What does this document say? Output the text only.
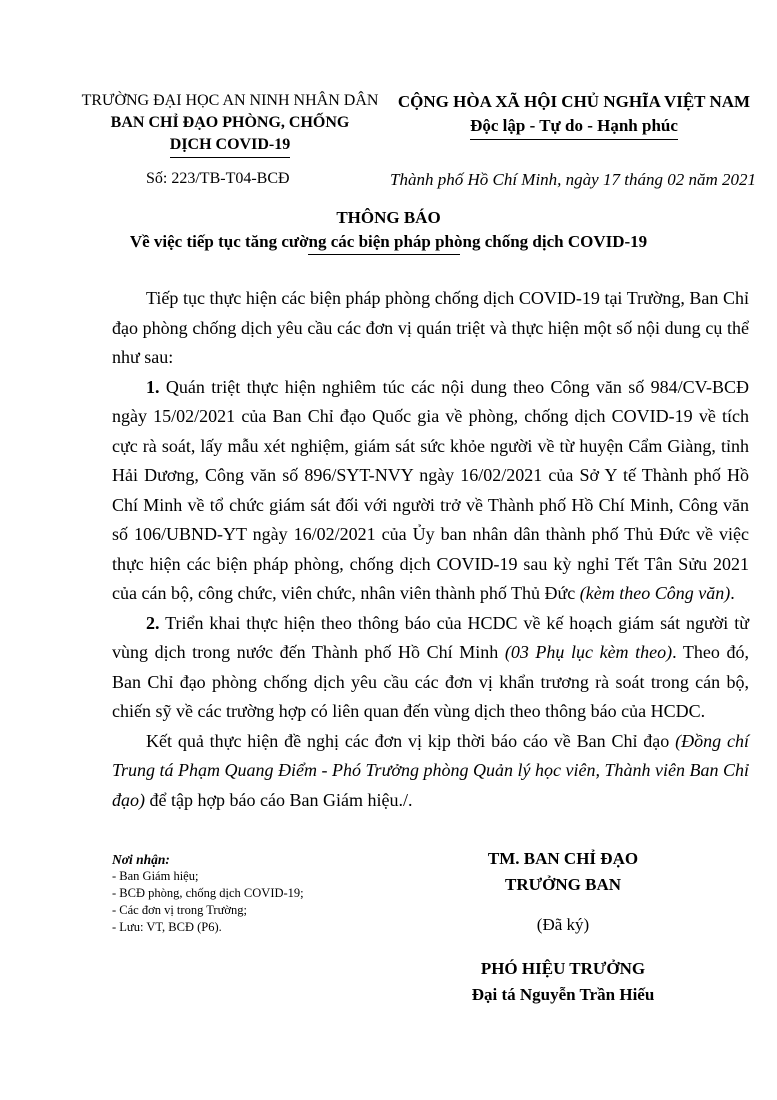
TRƯỜNG ĐẠI HỌC AN NINH NHÂN DÂN
BAN CHỈ ĐẠO PHÒNG, CHỐNG
DỊCH COVID-19
CỘNG HÒA XÃ HỘI CHỦ NGHĨA VIỆT NAM
Độc lập - Tự do - Hạnh phúc
Số: 223/TB-T04-BCĐ	Thành phố Hồ Chí Minh, ngày 17 tháng 02 năm 2021
THÔNG BÁO
Về việc tiếp tục tăng cường các biện pháp phòng chống dịch COVID-19

Tiếp tục thực hiện các biện pháp phòng chống dịch COVID-19 tại Trường, Ban Chỉ đạo phòng chống dịch yêu cầu các đơn vị quán triệt và thực hiện một số nội dung cụ thể như sau:

1. Quán triệt thực hiện nghiêm túc các nội dung theo Công văn số 984/CV-BCĐ ngày 15/02/2021 của Ban Chỉ đạo Quốc gia về phòng, chống dịch COVID-19 về tích cực rà soát, lấy mẫu xét nghiệm, giám sát sức khỏe người về từ huyện Cẩm Giàng, tỉnh Hải Dương, Công văn số 896/SYT-NVY ngày 16/02/2021 của Sở Y tế Thành phố Hồ Chí Minh về tổ chức giám sát đối với người trở về Thành phố Hồ Chí Minh, Công văn số 106/UBND-YT ngày 16/02/2021 của Ủy ban nhân dân thành phố Thủ Đức về việc thực hiện các biện pháp phòng, chống dịch COVID-19 sau kỳ nghỉ Tết Tân Sửu 2021 của cán bộ, công chức, viên chức, nhân viên thành phố Thủ Đức (kèm theo Công văn).

2. Triển khai thực hiện theo thông báo của HCDC về kế hoạch giám sát người từ vùng dịch trong nước đến Thành phố Hồ Chí Minh (03 Phụ lục kèm theo). Theo đó, Ban Chỉ đạo phòng chống dịch yêu cầu các đơn vị khẩn trương rà soát trong cán bộ, chiến sỹ về các trường hợp có liên quan đến vùng dịch theo thông báo của HCDC.

Kết quả thực hiện đề nghị các đơn vị kịp thời báo cáo về Ban Chỉ đạo (Đồng chí Trung tá Phạm Quang Điểm - Phó Trưởng phòng Quản lý học viên, Thành viên Ban Chỉ đạo) để tập hợp báo cáo Ban Giám hiệu./.

Nơi nhận:
- Ban Giám hiệu;
- BCĐ phòng, chống dịch COVID-19;
- Các đơn vị trong Trường;
- Lưu: VT, BCĐ (P6).
TM. BAN CHỈ ĐẠO
TRƯỞNG BAN
(Đã ký)
PHÓ HIỆU TRƯỞNG
Đại tá Nguyễn Trần Hiếu
